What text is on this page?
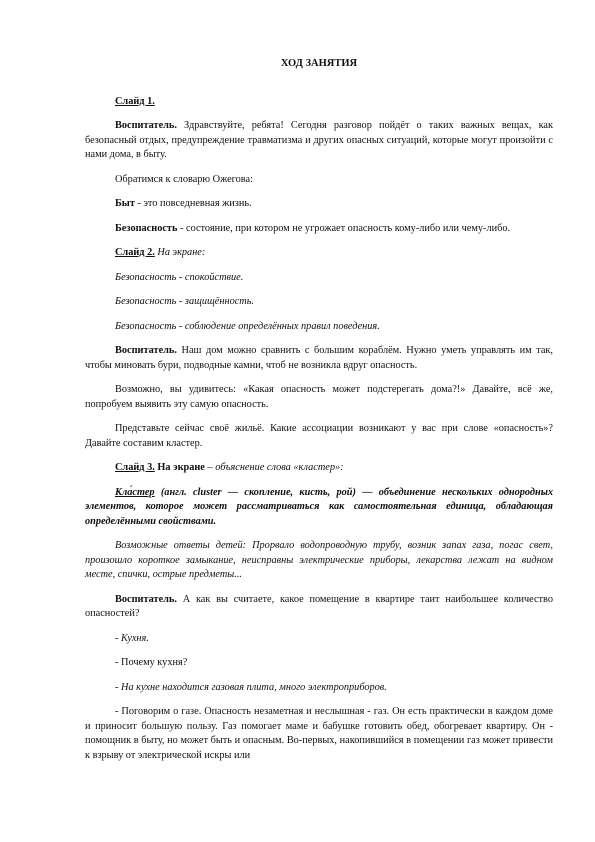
ХОД ЗАНЯТИЯ

Слайд 1.

Воспитатель. Здравствуйте, ребята! Сегодня разговор пойдёт о таких важных вещах, как безопасный отдых, предупреждение травматизма и других опасных ситуаций, которые могут произойти с нами дома, в быту.

Обратимся к словарю Ожегова:

Быт - это повседневная жизнь.

Безопасность - состояние, при котором не угрожает опасность кому-либо или чему-либо.

Слайд 2. На экране:

Безопасность - спокойствие.

Безопасность - защищённость.

Безопасность - соблюдение определённых правил поведения.

Воспитатель. Наш дом можно сравнить с большим кораблём. Нужно уметь управлять им так, чтобы миновать бури, подводные камни, чтоб не возникла вдруг опасность.

Возможно, вы удивитесь: «Какая опасность может подстерегать дома?!» Давайте, всё же, попробуем выявить эту самую опасность.

Представьте сейчас своё жильё. Какие ассоциации возникают у вас при слове «опасность»? Давайте составим кластер.

Слайд 3. На экране – объяснение слова «кластер»:

Кла́стер (англ. cluster — скопление, кисть, рой) — объединение нескольких однородных элементов, которое может рассматриваться как самостоятельная единица, обладающая определёнными свойствами.

Возможные ответы детей: Прорвало водопроводную трубу, возник запах газа, погас свет, произошло короткое замыкание, неисправны электрические приборы, лекарства лежат на видном месте, спички, острые предметы...

Воспитатель. А как вы считаете, какое помещение в квартире таит наибольшее количество опасностей?

- Кухня.

- Почему кухня?

- На кухне находится газовая плита, много электроприборов.

- Поговорим о газе. Опасность незаметная и неслышная - газ. Он есть практически в каждом доме и приносит большую пользу. Газ помогает маме и бабушке готовить обед, обогревает квартиру. Он - помощник в быту, но может быть и опасным. Во-первых, накопившийся в помещении газ может привести к взрыву от электрической искры или
